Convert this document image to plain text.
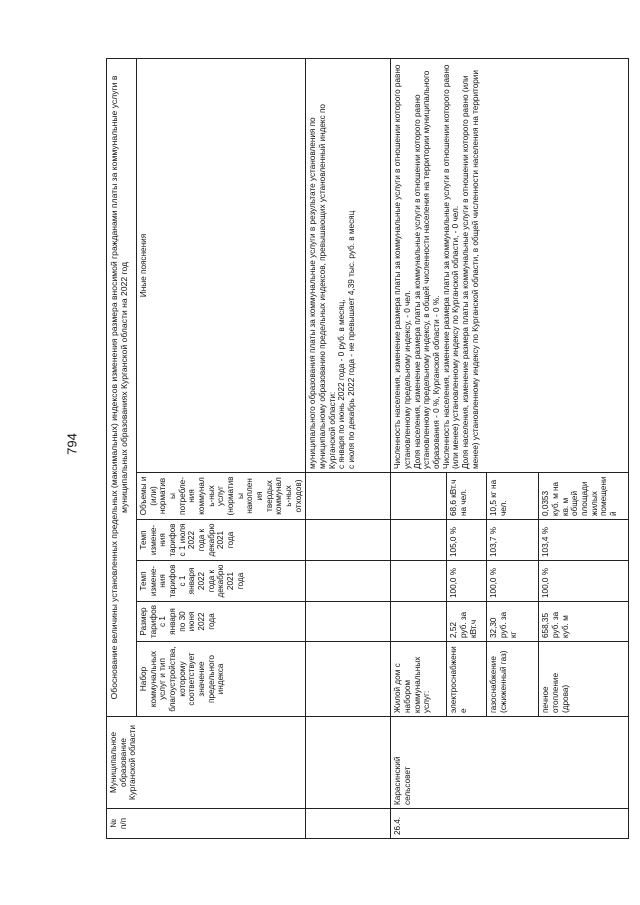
794
№
п/п	Муниципальное образование Курганской области	Обоснование величины установленных предельных (максимальных) индексов изменения размера вносимой гражданами платы за коммунальные услуги в муниципальных образованиях Курганской области на 2022 год					
		Набор коммунальных услуг и тип благоустройства, которому соответствует значение предельного индекса	Размер тарифов с 1 января по 30 июня 2022 года	Темп измене-ния тарифов с 1 января 2022 года к декабрю 2021 года	Темп измене-ния тарифов с 1 июля 2022 года к декабрю 2021 года	Объемы и (или) нормативы потребле-ния коммуналь-ных услуг (нормативы накопления твердых коммуналь-ных отходов)	Иные пояснения
							муниципального образования платы за коммунальные услуги в результате установления по муниципальному образованию предельных индексов, превышающих установленный индекс по Курганской области:
с января по июнь 2022 года - 0 руб. в месяц,
с июля по декабрь 2022 года - не превышает 4,39 тыс. руб. в месяц
26.4.	Карасинский сельсовет	Жилой дом с набором коммунальных услуг:					Численность населения, изменение размера платы за коммунальные услуги в отношении которого равно установленному предельному индексу, - 0 чел.
Доля населения, изменение размера платы за коммунальные услуги в отношении которого равно установленному предельному индексу, в общей численности населения на территории муниципального образования - 0 %, Курганской области - 0 %.
Численность населения, изменение размера платы за коммунальные услуги в отношении которого равно (или менее) установленному индексу по Курганской области, - 0 чел.
Доля населения, изменение размера платы за коммунальные услуги в отношении которого равно (или менее) установленному индексу по Курганской области, в общей численности населения на территории
		электроснабжение	2,52 руб. за кВт.ч	100,0 %	105,0 %	68,6 кВт.ч на чел.	
		газоснабжение (сжиженный газ)	32,30 руб. за кг	100,0 %	103,7 %	10,5 кг на чел.	
		печное отопление (дрова)	658,35 руб. за куб. м	100,0 %	103,4 %	0,0353 куб. м на кв. м общей площади жилых помещений	
